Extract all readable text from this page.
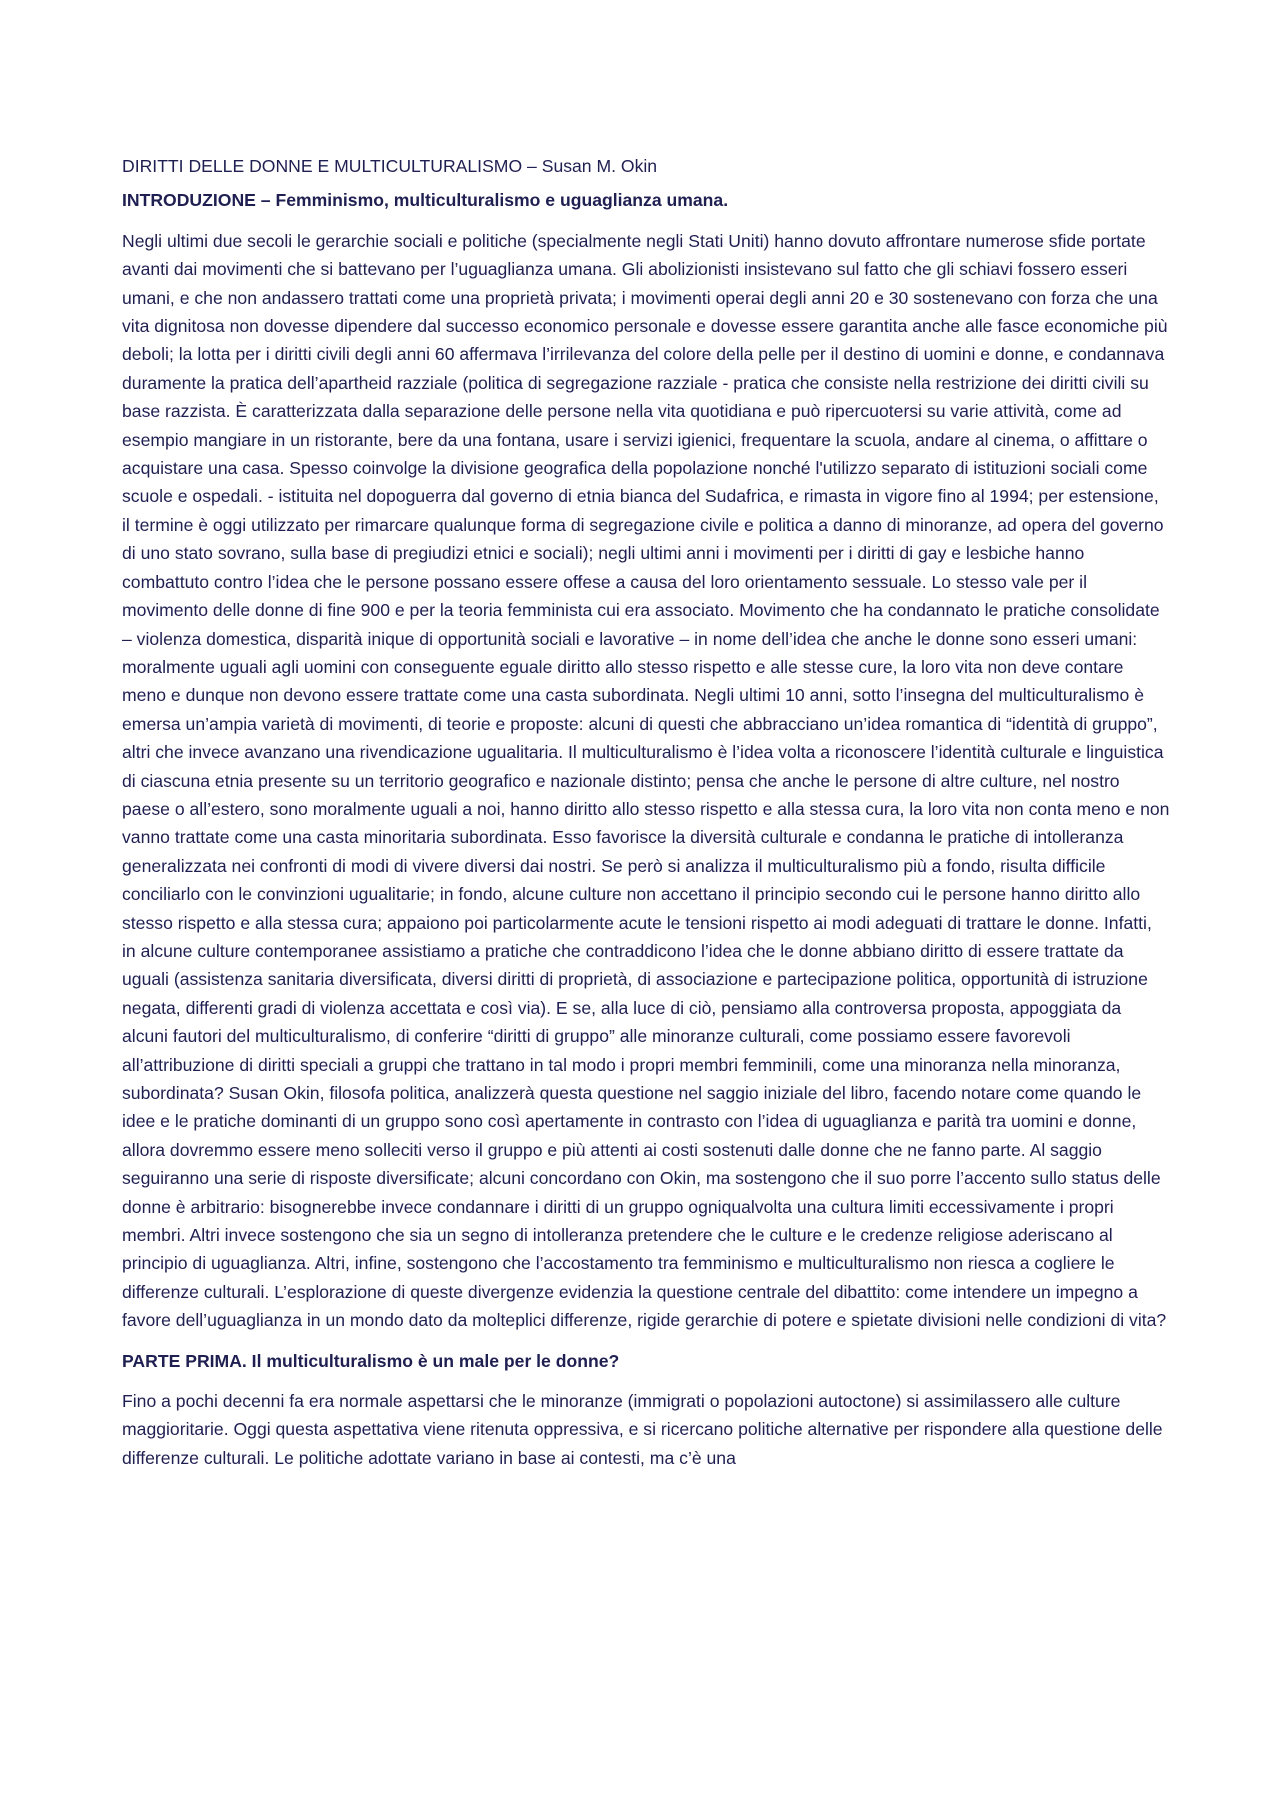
DIRITTI DELLE DONNE E MULTICULTURALISMO – Susan M. Okin

INTRODUZIONE – Femminismo, multiculturalismo e uguaglianza umana.

Negli ultimi due secoli le gerarchie sociali e politiche (specialmente negli Stati Uniti) hanno dovuto affrontare numerose sfide portate avanti dai movimenti che si battevano per l’uguaglianza umana. Gli abolizionisti insistevano sul fatto che gli schiavi fossero esseri umani, e che non andassero trattati come una proprietà privata; i movimenti operai degli anni 20 e 30 sostenevano con forza che una vita dignitosa non dovesse dipendere dal successo economico personale e dovesse essere garantita anche alle fasce economiche più deboli; la lotta per i diritti civili degli anni 60 affermava l’irrilevanza del colore della pelle per il destino di uomini e donne, e condannava duramente la pratica dell’apartheid razziale (politica di segregazione razziale - pratica che consiste nella restrizione dei diritti civili su base razzista. È caratterizzata dalla separazione delle persone nella vita quotidiana e può ripercuotersi su varie attività, come ad esempio mangiare in un ristorante, bere da una fontana, usare i servizi igienici, frequentare la scuola, andare al cinema, o affittare o acquistare una casa. Spesso coinvolge la divisione geografica della popolazione nonché l'utilizzo separato di istituzioni sociali come scuole e ospedali. - istituita nel dopoguerra dal governo di etnia bianca del Sudafrica, e rimasta in vigore fino al 1994; per estensione, il termine è oggi utilizzato per rimarcare qualunque forma di segregazione civile e politica a danno di minoranze, ad opera del governo di uno stato sovrano, sulla base di pregiudizi etnici e sociali); negli ultimi anni i movimenti per i diritti di gay e lesbiche hanno combattuto contro l’idea che le persone possano essere offese a causa del loro orientamento sessuale. Lo stesso vale per il movimento delle donne di fine 900 e per la teoria femminista cui era associato. Movimento che ha condannato le pratiche consolidate – violenza domestica, disparità inique di opportunità sociali e lavorative – in nome dell’idea che anche le donne sono esseri umani: moralmente uguali agli uomini con conseguente eguale diritto allo stesso rispetto e alle stesse cure, la loro vita non deve contare meno e dunque non devono essere trattate come una casta subordinata. Negli ultimi 10 anni, sotto l’insegna del multiculturalismo è emersa un’ampia varietà di movimenti, di teorie e proposte: alcuni di questi che abbracciano un’idea romantica di “identità di gruppo”, altri che invece avanzano una rivendicazione ugualitaria. Il multiculturalismo è l’idea volta a riconoscere l’identità culturale e linguistica di ciascuna etnia presente su un territorio geografico e nazionale distinto; pensa che anche le persone di altre culture, nel nostro paese o all’estero, sono moralmente uguali a noi, hanno diritto allo stesso rispetto e alla stessa cura, la loro vita non conta meno e non vanno trattate come una casta minoritaria subordinata. Esso favorisce la diversità culturale e condanna le pratiche di intolleranza generalizzata nei confronti di modi di vivere diversi dai nostri. Se però si analizza il multiculturalismo più a fondo, risulta difficile conciliarlo con le convinzioni ugualitarie; in fondo, alcune culture non accettano il principio secondo cui le persone hanno diritto allo stesso rispetto e alla stessa cura; appaiono poi particolarmente acute le tensioni rispetto ai modi adeguati di trattare le donne. Infatti, in alcune culture contemporanee assistiamo a pratiche che contraddicono l’idea che le donne abbiano diritto di essere trattate da uguali (assistenza sanitaria diversificata, diversi diritti di proprietà, di associazione e partecipazione politica, opportunità di istruzione negata, differenti gradi di violenza accettata e così via). E se, alla luce di ciò, pensiamo alla controversa proposta, appoggiata da alcuni fautori del multiculturalismo, di conferire “diritti di gruppo” alle minoranze culturali, come possiamo essere favorevoli all’attribuzione di diritti speciali a gruppi che trattano in tal modo i propri membri femminili, come una minoranza nella minoranza, subordinata? Susan Okin, filosofa politica, analizzerà questa questione nel saggio iniziale del libro, facendo notare come quando le idee e le pratiche dominanti di un gruppo sono così apertamente in contrasto con l’idea di uguaglianza e parità tra uomini e donne, allora dovremmo essere meno solleciti verso il gruppo e più attenti ai costi sostenuti dalle donne che ne fanno parte. Al saggio seguiranno una serie di risposte diversificate; alcuni concordano con Okin, ma sostengono che il suo porre l’accento sullo status delle donne è arbitrario: bisognerebbe invece condannare i diritti di un gruppo ogniqualvolta una cultura limiti eccessivamente i propri membri. Altri invece sostengono che sia un segno di intolleranza pretendere che le culture e le credenze religiose aderiscano al principio di uguaglianza. Altri, infine, sostengono che l’accostamento tra femminismo e multiculturalismo non riesca a cogliere le differenze culturali. L’esplorazione di queste divergenze evidenzia la questione centrale del dibattito: come intendere un impegno a favore dell’uguaglianza in un mondo dato da molteplici differenze, rigide gerarchie di potere e spietate divisioni nelle condizioni di vita?

PARTE PRIMA. Il multiculturalismo è un male per le donne?

Fino a pochi decenni fa era normale aspettarsi che le minoranze (immigrati o popolazioni autoctone) si assimilassero alle culture maggioritarie. Oggi questa aspettativa viene ritenuta oppressiva, e si ricercano politiche alternative per rispondere alla questione delle differenze culturali. Le politiche adottate variano in base ai contesti, ma c’è una
